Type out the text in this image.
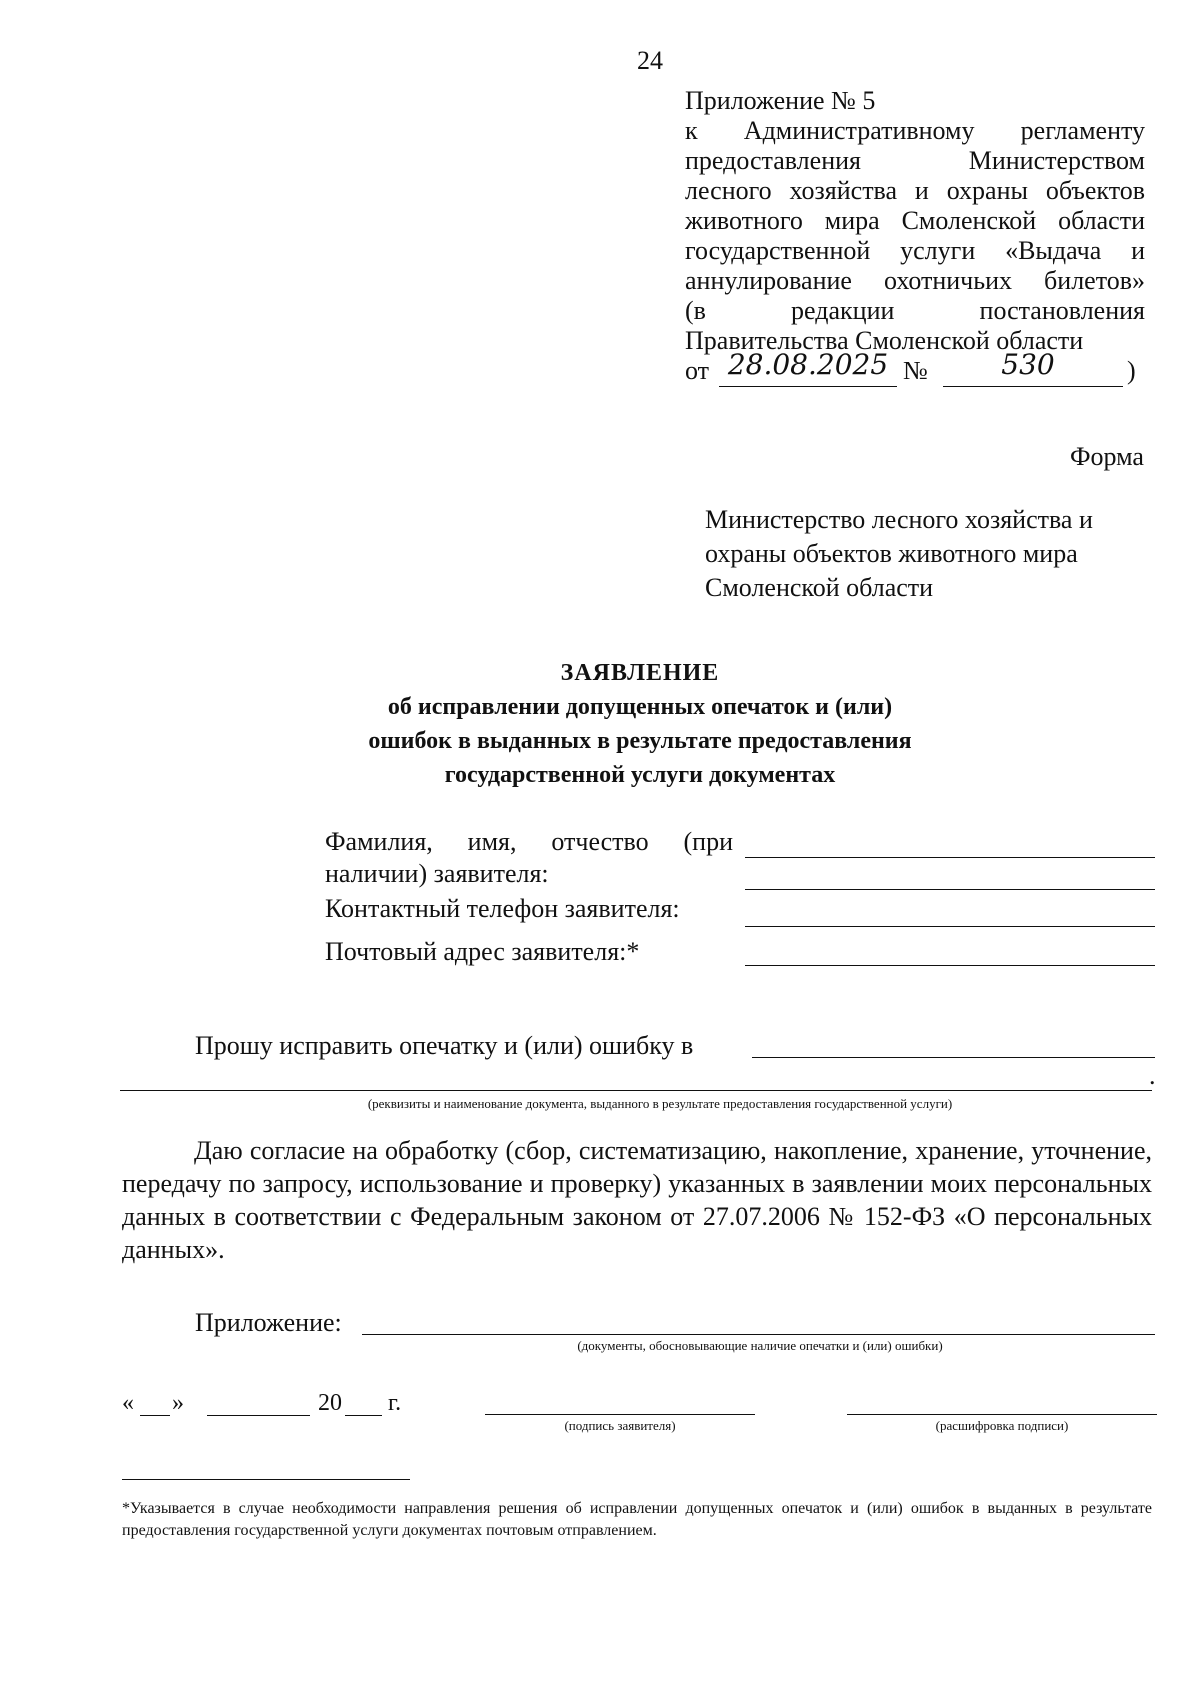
24
Приложение № 5
к Административному регламенту
предоставления Министерством
лесного хозяйства и охраны объектов
животного мира Смоленской области
государственной услуги «Выдача и
аннулирование охотничьих билетов»
(в редакции постановления
Правительства Смоленской области
от 28.08.2025 №	530	)
Форма
Министерство лесного хозяйства и
охраны объектов животного мира
Смоленской области
ЗАЯВЛЕНИЕ
об исправлении допущенных опечаток и (или)
ошибок в выданных в результате предоставления
государственной услуги документах
Фамилия, имя, отчество (при
наличии) заявителя:
Контактный телефон заявителя:
Почтовый адрес заявителя:*
Прошу исправить опечатку и (или) ошибку в
.
(реквизиты и наименование документа, выданного в результате предоставления государственной услуги)
Даю согласие на обработку (сбор, систематизацию, накопление, хранение, уточнение, передачу по запросу, использование и проверку) указанных в заявлении моих персональных данных в соответствии с Федеральным законом от 27.07.2006 № 152-ФЗ «О персональных данных».
Приложение:
(документы, обосновывающие наличие опечатки и (или) ошибки)
« »	20 г.
(подпись заявителя)	(расшифровка подписи)
*Указывается в случае необходимости направления решения об исправлении допущенных опечаток и (или) ошибок в выданных в результате предоставления государственной услуги документах почтовым отправлением.
